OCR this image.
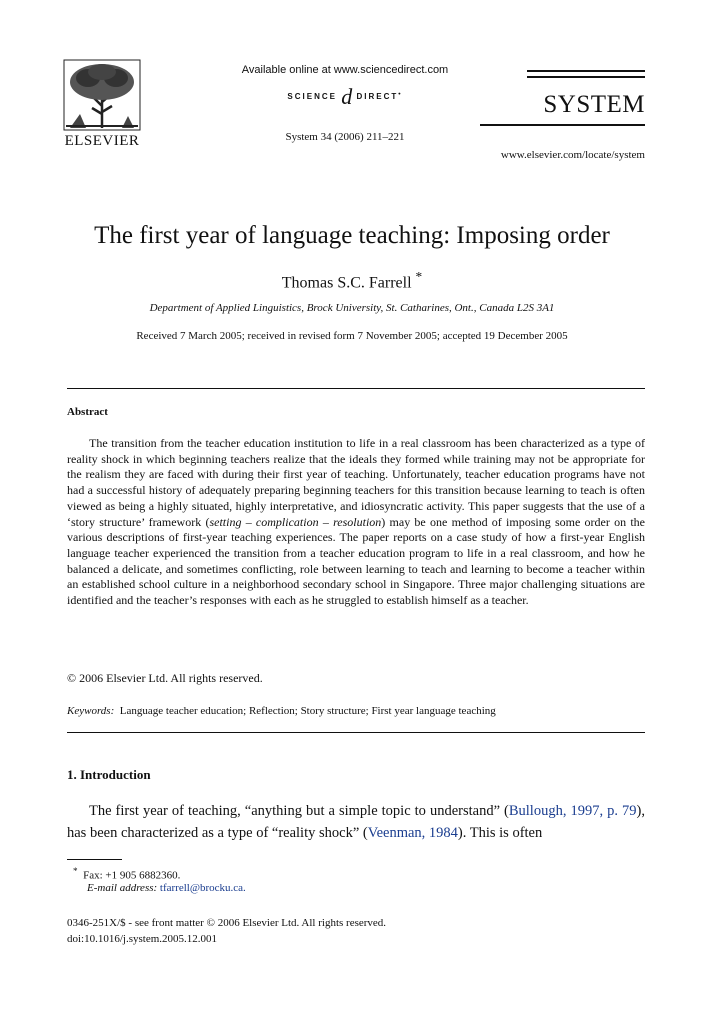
ELSEVIER
Available online at www.sciencedirect.com
SCIENCE d DIRECT•
System 34 (2006) 211–221
SYSTEM
www.elsevier.com/locate/system
The first year of language teaching: Imposing order
Thomas S.C. Farrell *
Department of Applied Linguistics, Brock University, St. Catharines, Ont., Canada L2S 3A1
Received 7 March 2005; received in revised form 7 November 2005; accepted 19 December 2005
Abstract

The transition from the teacher education institution to life in a real classroom has been characterized as a type of reality shock in which beginning teachers realize that the ideals they formed while training may not be appropriate for the realism they are faced with during their first year of teaching. Unfortunately, teacher education programs have not had a successful history of adequately preparing beginning teachers for this transition because learning to teach is often viewed as being a highly situated, highly interpretative, and idiosyncratic activity. This paper suggests that the use of a ‘story structure’ framework (setting – complication – resolution) may be one method of imposing some order on the various descriptions of first-year teaching experiences. The paper reports on a case study of how a first-year English language teacher experienced the transition from a teacher education program to life in a real classroom, and how he balanced a delicate, and sometimes conflicting, role between learning to teach and learning to become a teacher within an established school culture in a neighborhood secondary school in Singapore. Three major challenging situations are identified and the teacher’s responses with each as he struggled to establish himself as a teacher.

© 2006 Elsevier Ltd. All rights reserved.
Keywords: Language teacher education; Reflection; Story structure; First year language teaching
1. Introduction

The first year of teaching, “anything but a simple topic to understand” (Bullough, 1997, p. 79), has been characterized as a type of “reality shock” (Veenman, 1984). This is often

* Fax: +1 905 6882360.
E-mail address: tfarrell@brocku.ca.
0346-251X/$ - see front matter © 2006 Elsevier Ltd. All rights reserved.
doi:10.1016/j.system.2005.12.001
